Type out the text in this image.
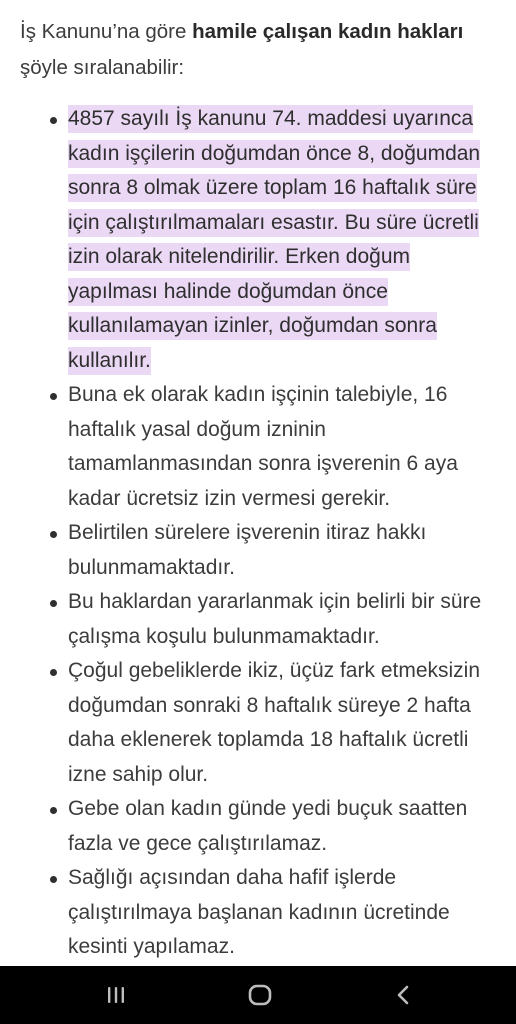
İş Kanunu’na göre hamile çalışan kadın hakları şöyle sıralanabilir:
4857 sayılı İş kanunu 74. maddesi uyarınca kadın işçilerin doğumdan önce 8, doğumdan sonra 8 olmak üzere toplam 16 haftalık süre için çalıştırılmamaları esastır. Bu süre ücretli izin olarak nitelendirilir. Erken doğum yapılması halinde doğumdan önce kullanılamayan izinler, doğumdan sonra kullanılır.
Buna ek olarak kadın işçinin talebiyle, 16 haftalık yasal doğum izninin tamamlanmasından sonra işverenin 6 aya kadar ücretsiz izin vermesi gerekir.
Belirtilen sürelere işverenin itiraz hakkı bulunmamaktadır.
Bu haklardan yararlanmak için belirli bir süre çalışma koşulu bulunmamaktadır.
Çoğul gebeliklerde ikiz, üçüz fark etmeksizin doğumdan sonraki 8 haftalık süreye 2 hafta daha eklenerek toplamda 18 haftalık ücretli izne sahip olur.
Gebe olan kadın günde yedi buçuk saatten fazla ve gece çalıştırılamaz.
Sağlığı açısından daha hafif işlerde çalıştırılmaya başlanan kadının ücretinde kesinti yapılamaz.
